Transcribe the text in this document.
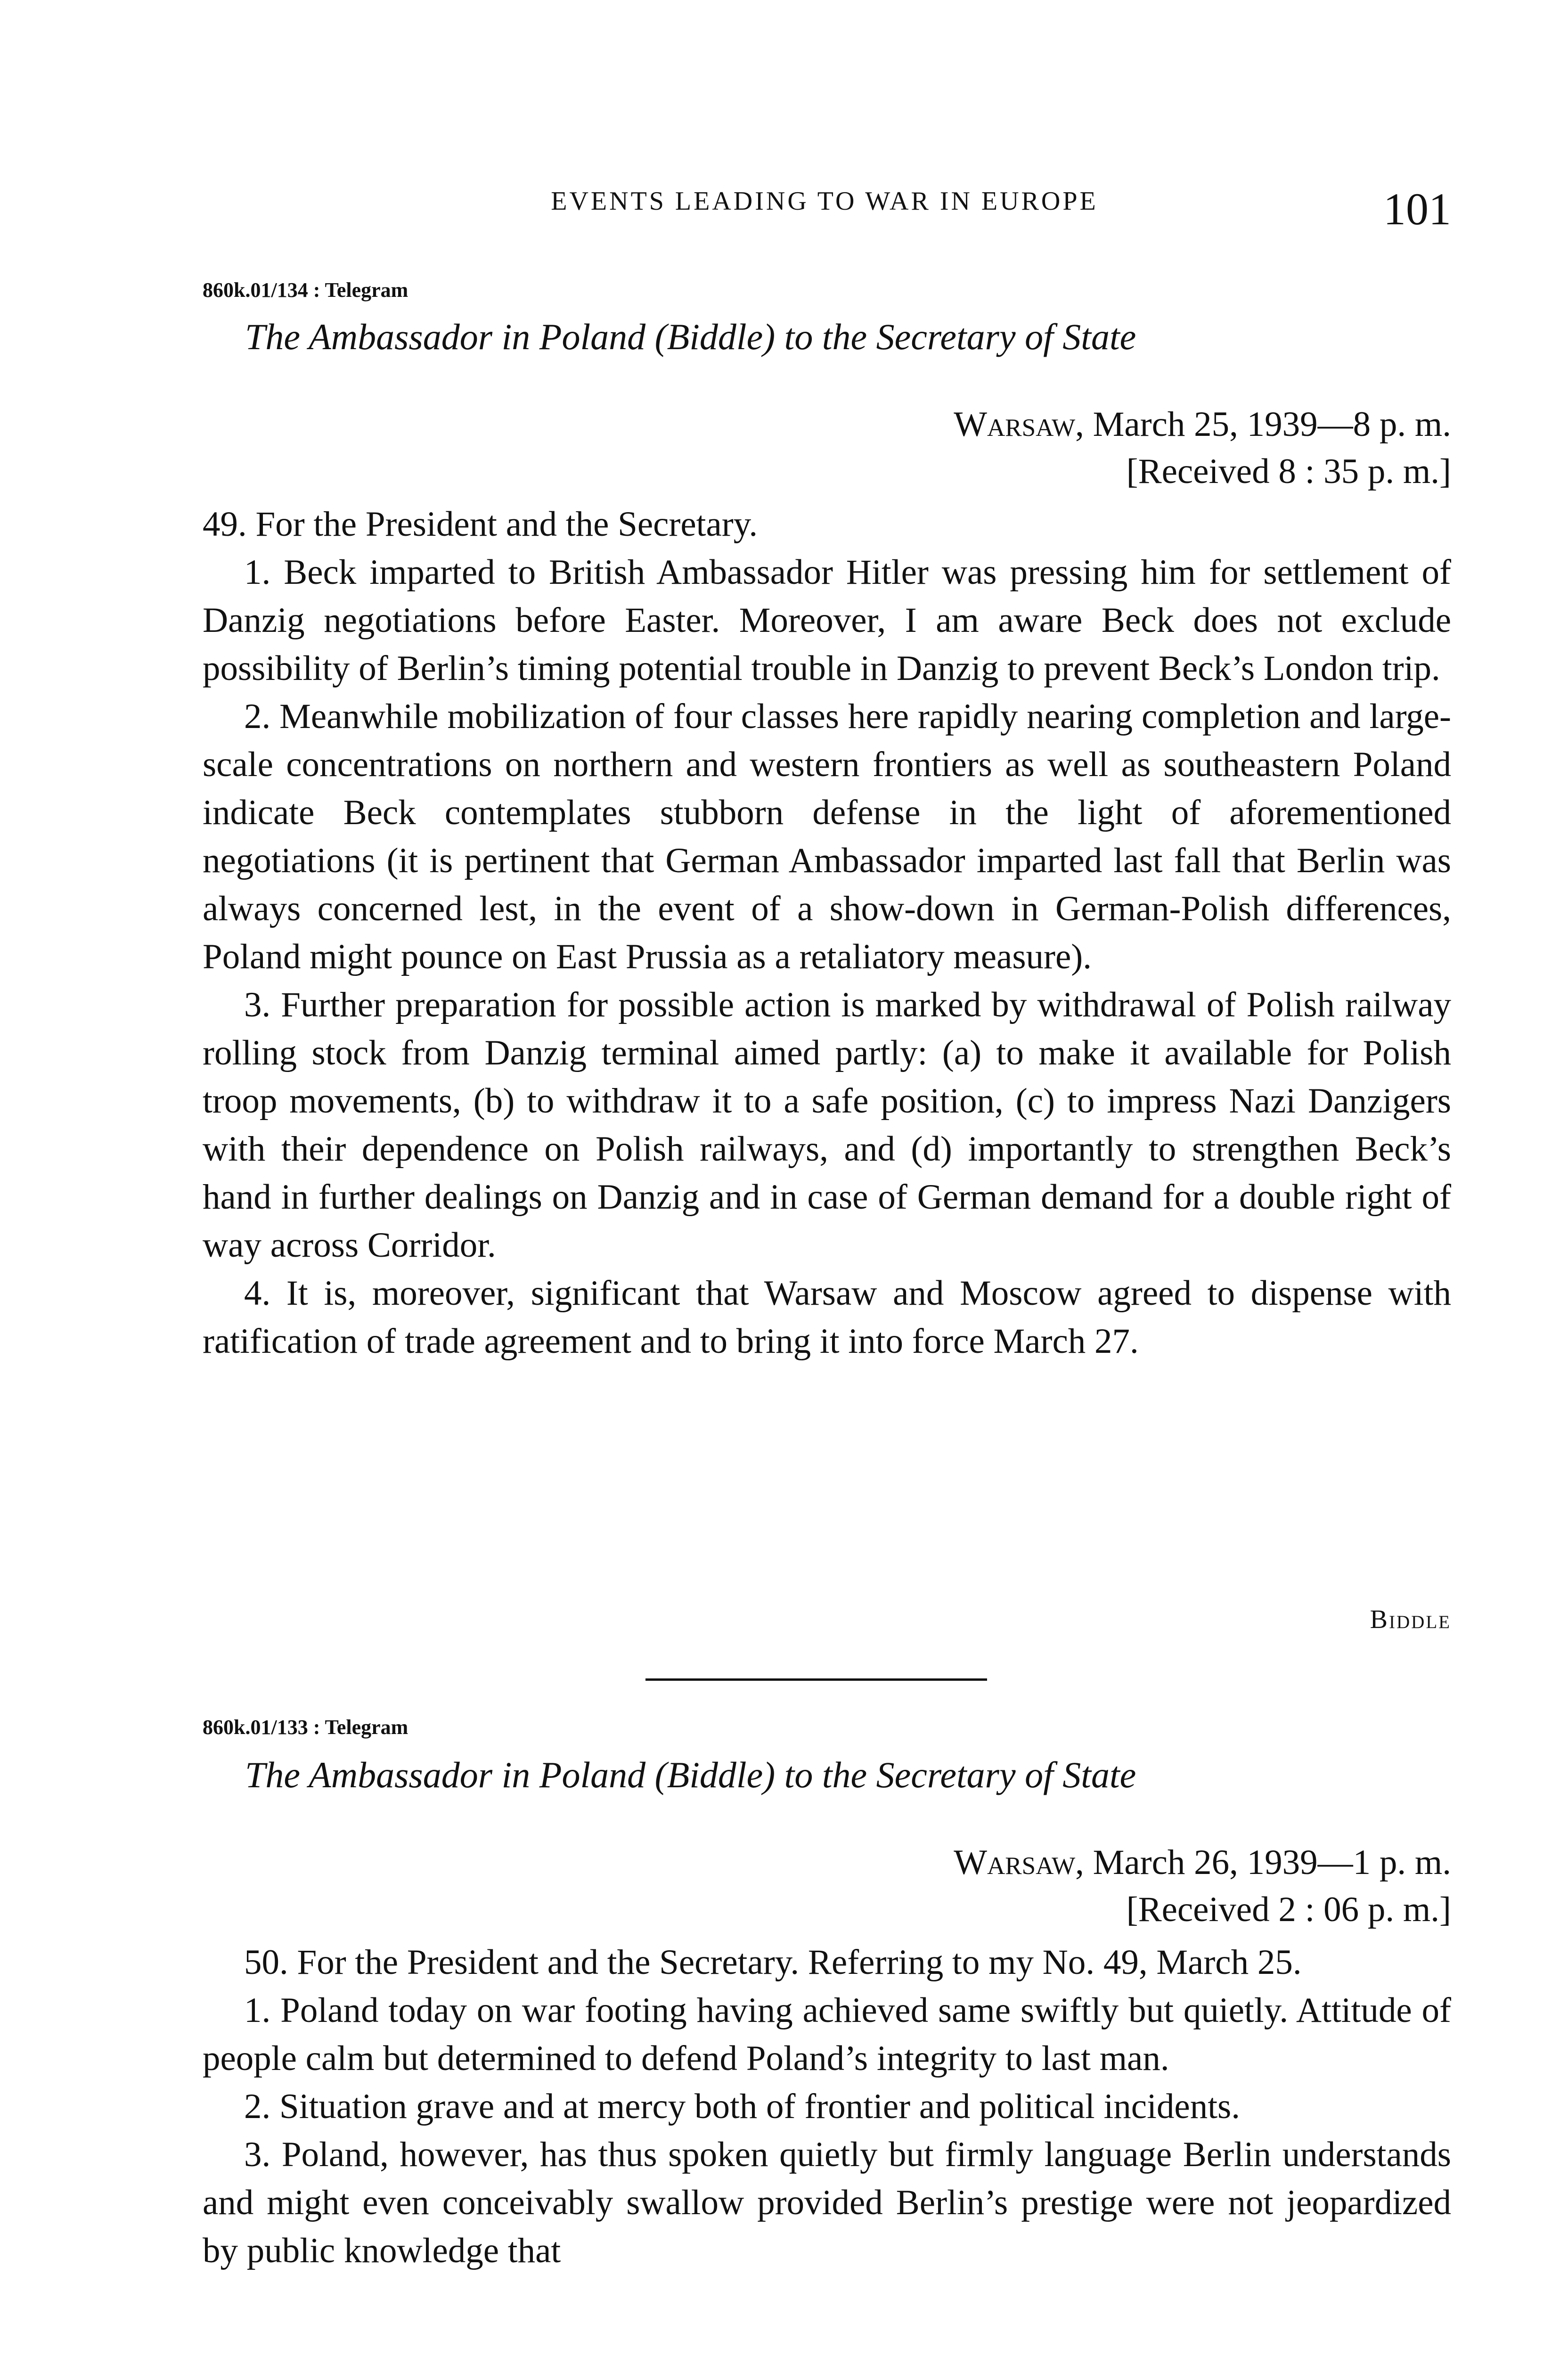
EVENTS LEADING TO WAR IN EUROPE	101
860k.01/134 : Telegram
The Ambassador in Poland (Biddle) to the Secretary of State
Warsaw, March 25, 1939—8 p. m.
[Received 8 : 35 p. m.]

49. For the President and the Secretary.

1. Beck imparted to British Ambassador Hitler was pressing him for settlement of Danzig negotiations before Easter. Moreover, I am aware Beck does not exclude possibility of Berlin’s timing potential trouble in Danzig to prevent Beck’s London trip.

2. Meanwhile mobilization of four classes here rapidly nearing completion and large-scale concentrations on northern and western frontiers as well as southeastern Poland indicate Beck contemplates stubborn defense in the light of aforementioned negotiations (it is pertinent that German Ambassador imparted last fall that Berlin was always concerned lest, in the event of a show-down in German-Polish differences, Poland might pounce on East Prussia as a retaliatory measure).

3. Further preparation for possible action is marked by withdrawal of Polish railway rolling stock from Danzig terminal aimed partly: (a) to make it available for Polish troop movements, (b) to withdraw it to a safe position, (c) to impress Nazi Danzigers with their dependence on Polish railways, and (d) importantly to strengthen Beck’s hand in further dealings on Danzig and in case of German demand for a double right of way across Corridor.

4. It is, moreover, significant that Warsaw and Moscow agreed to dispense with ratification of trade agreement and to bring it into force March 27.

Biddle
860k.01/133 : Telegram
The Ambassador in Poland (Biddle) to the Secretary of State
Warsaw, March 26, 1939—1 p. m.
[Received 2 : 06 p. m.]

50. For the President and the Secretary. Referring to my No. 49, March 25.

1. Poland today on war footing having achieved same swiftly but quietly. Attitude of people calm but determined to defend Poland’s integrity to last man.

2. Situation grave and at mercy both of frontier and political incidents.

3. Poland, however, has thus spoken quietly but firmly language Berlin understands and might even conceivably swallow provided Berlin’s prestige were not jeopardized by public knowledge that
